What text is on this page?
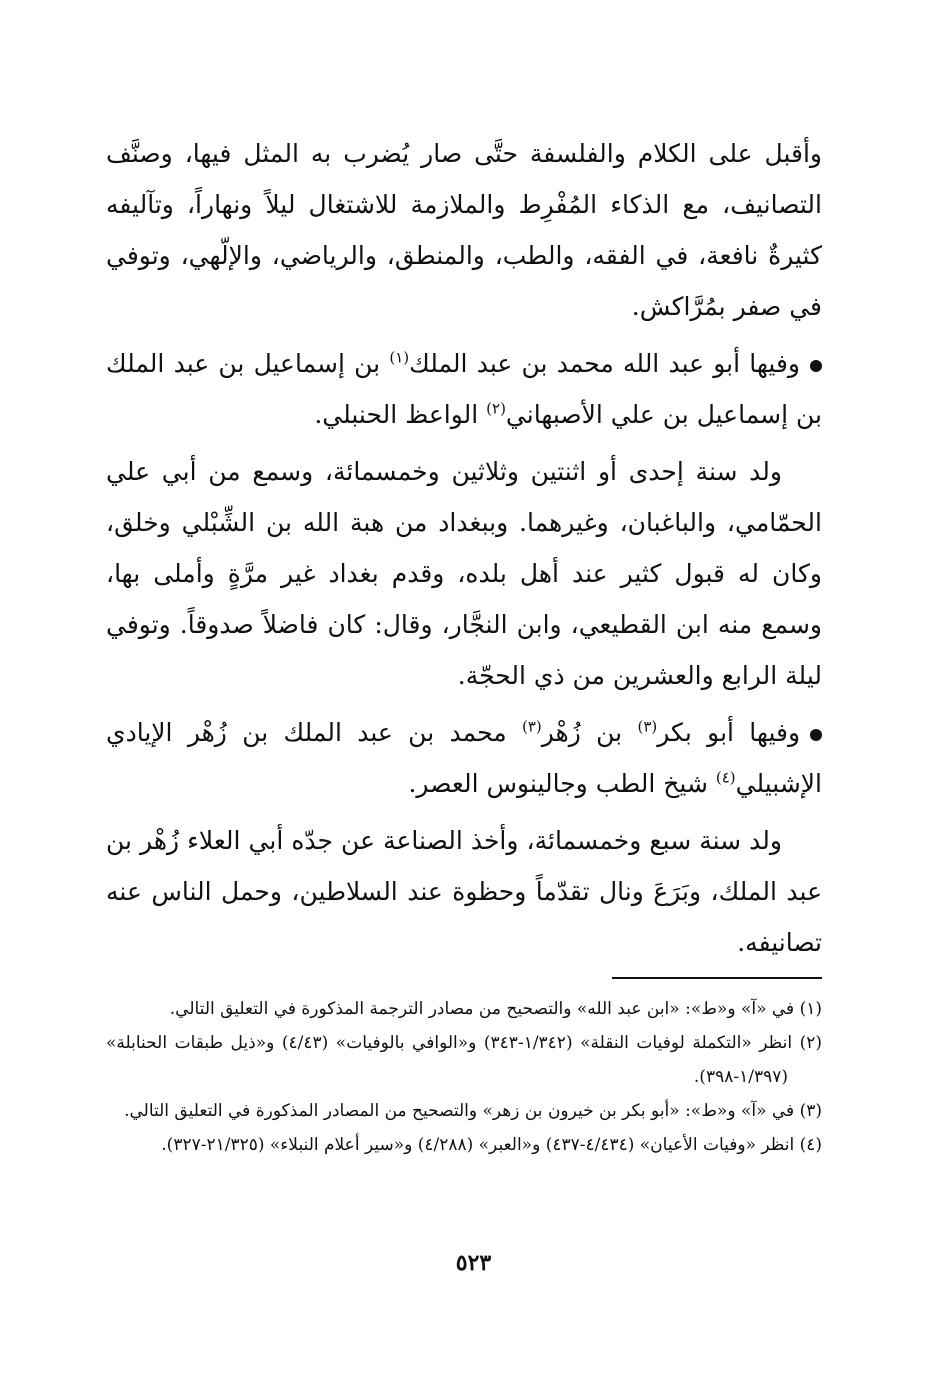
وأقبل على الكلام والفلسفة حتَّى صار يُضرب به المثل فيها، وصنَّف التصانيف، مع الذكاء المُفْرِط والملازمة للاشتغال ليلاً ونهاراً، وتآليفه كثيرةٌ نافعة، في الفقه، والطب، والمنطق، والرياضي، والإلّهي، وتوفي في صفر بمُرَّاكش.

وفيها أبو عبد الله محمد بن عبد الملك$^{(١)}$ بن إسماعيل بن عبد الملك بن إسماعيل بن علي الأصبهاني$^{(٢)}$ الواعظ الحنبلي.

ولد سنة إحدى أو اثنتين وثلاثين وخمسمائة، وسمع من أبي علي الحمّامي، والباغبان، وغيرهما. وببغداد من هبة الله بن الشِّبْلي وخلق، وكان له قبول كثير عند أهل بلده، وقدم بغداد غير مرَّةٍ وأملى بها، وسمع منه ابن القطيعي، وابن النجَّار، وقال: كان فاضلاً صدوقاً. وتوفي ليلة الرابع والعشرين من ذي الحجّة.

وفيها أبو بكر$^{(٣)}$ بن زُهْر$^{(٣)}$ محمد بن عبد الملك بن زُهْر الإيادي الإشبيلي$^{(٤)}$ شيخ الطب وجالينوس العصر.

ولد سنة سبع وخمسمائة، وأخذ الصناعة عن جدّه أبي العلاء زُهْر بن عبد الملك، وبَرَعَ ونال تقدّماً وحظوة عند السلاطين، وحمل الناس عنه تصانيفه.

(١) في «آ» و«ط»: «ابن عبد الله» والتصحيح من مصادر الترجمة المذكورة في التعليق التالي.

(٢) انظر «التكملة لوفيات النقلة» (١/٣٤٢-٣٤٣) و«الوافي بالوفيات» (٤/٤٣) و«ذيل طبقات الحنابلة» (١/٣٩٧-٣٩٨).

(٣) في «آ» و«ط»: «أبو بكر بن خيرون بن زهر» والتصحيح من المصادر المذكورة في التعليق التالي.

(٤) انظر «وفيات الأعيان» (٤/٤٣٤-٤٣٧) و«العبر» (٤/٢٨٨) و«سير أعلام النبلاء» (٢١/٣٢٥-٣٢٧).

٥٢٣
